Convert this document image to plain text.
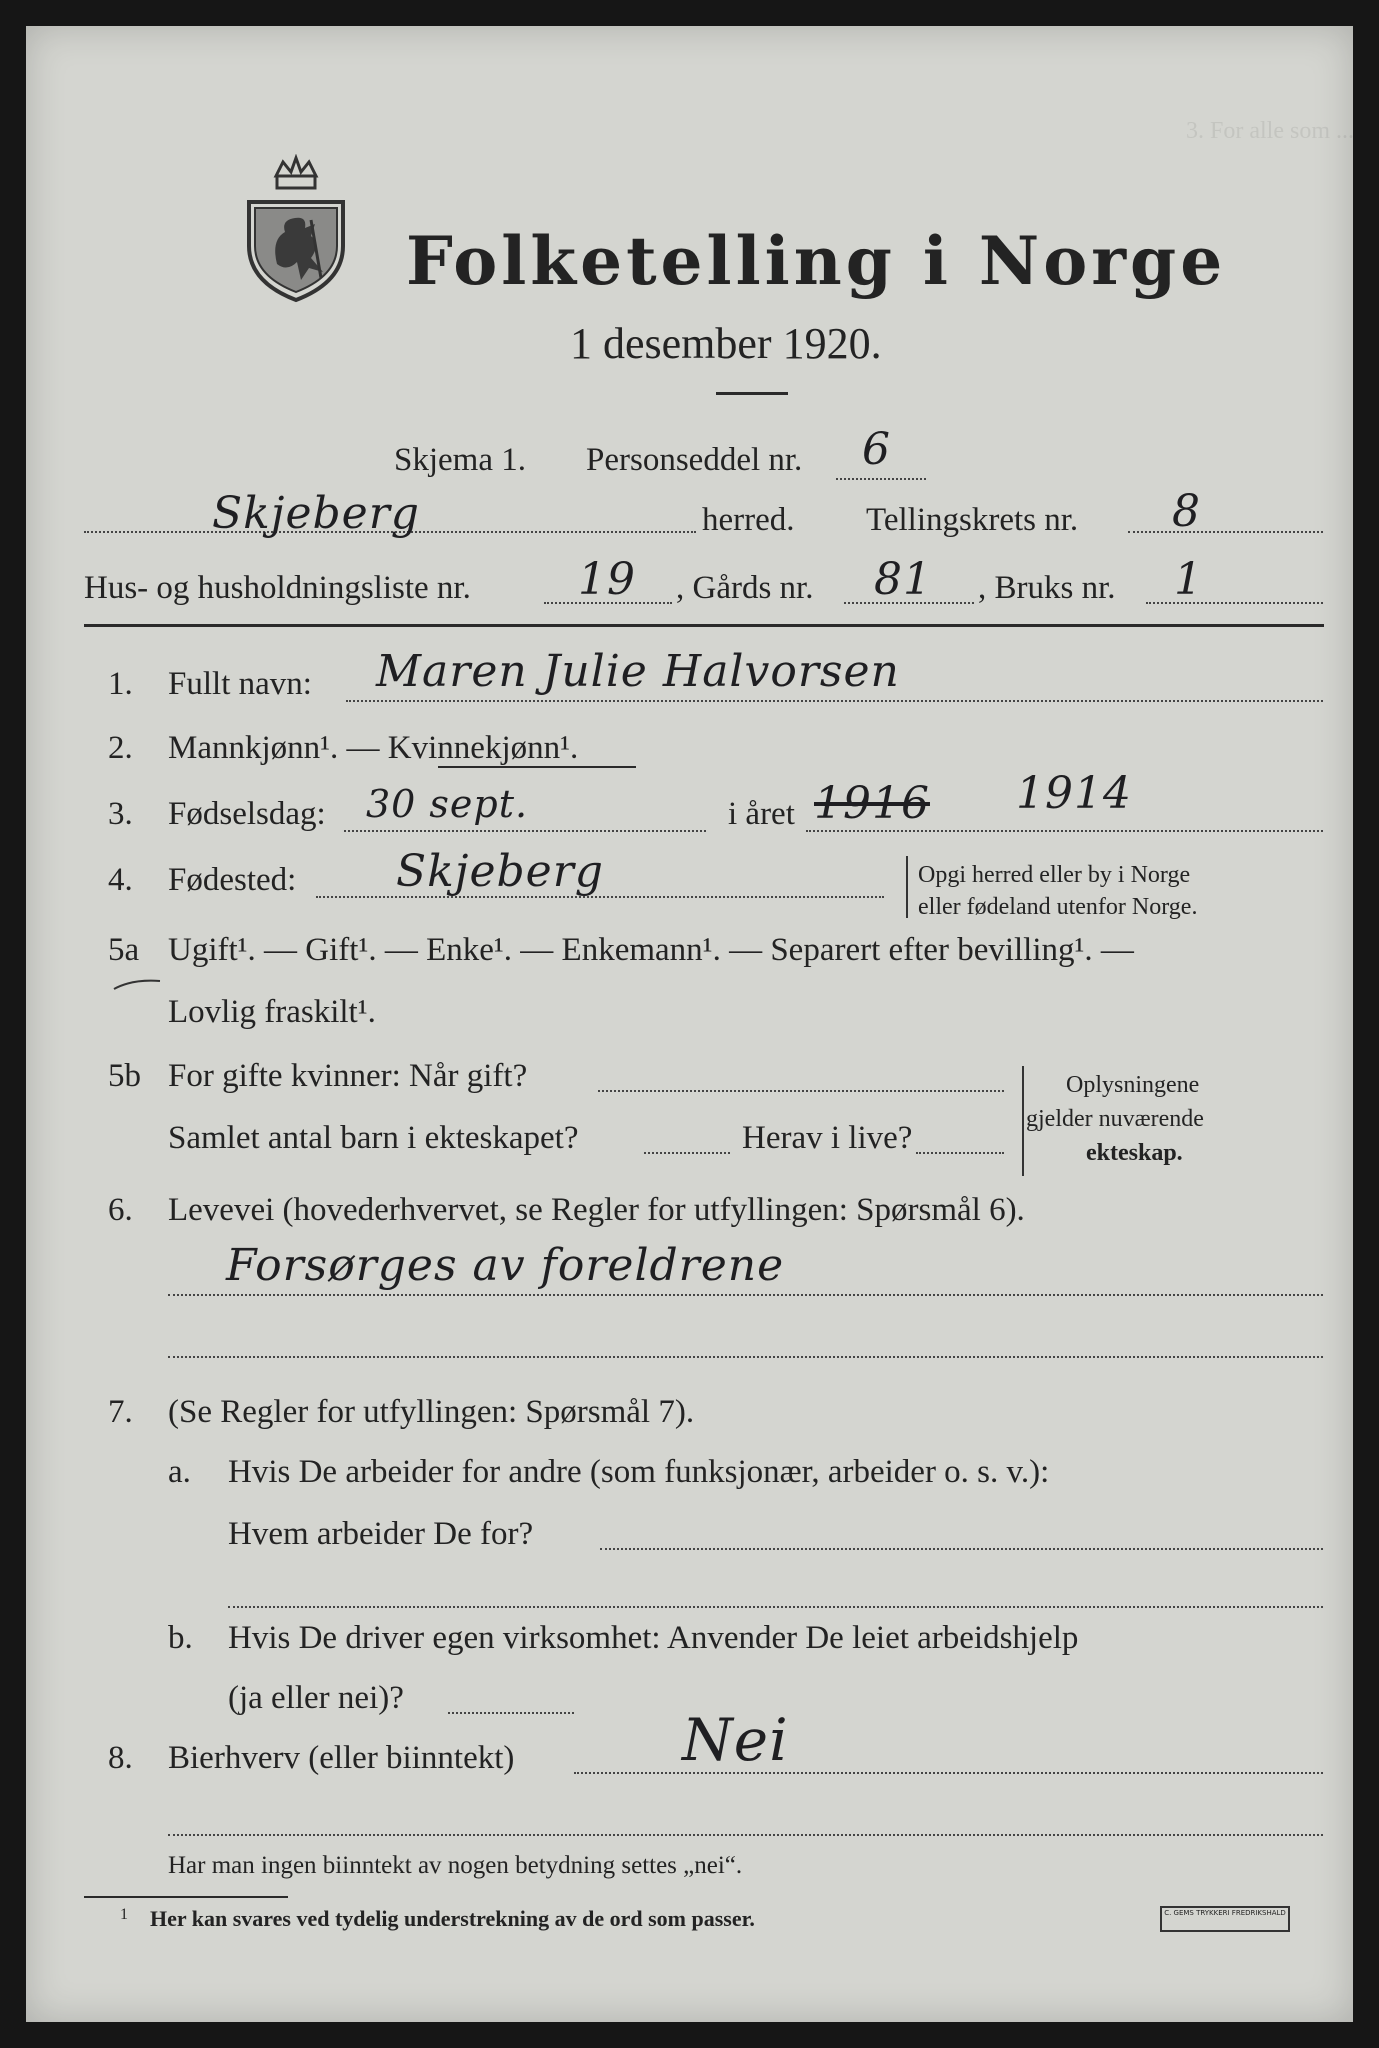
3. For alle som ...
Folketelling i Norge
1 desember 1920.
Skjema 1. Personseddel nr. 6
Skjeberg	herred. Tellingskrets nr. 8
Hus- og husholdningsliste nr. 19 , Gårds nr. 81 , Bruks nr. 1
1. Fullt navn: Maren Julie Halvorsen
2. Mannkjønn¹. — Kvinnekjønn¹.
3. Fødselsdag: 30 sept.	i året 1916 1914
4. Fødested: Skjeberg	Opgi herred eller by i Norge
eller fødeland utenfor Norge.
5a Ugift¹. — Gift¹. — Enke¹. — Enkemann¹. — Separert efter bevilling¹. —
Lovlig fraskilt¹.
5b For gifte kvinner: Når gift?
Samlet antal barn i ekteskapet?	Herav i live?
Oplysningene
gjelder nuværende
ekteskap.
6. Levevei (hovederhvervet, se Regler for utfyllingen: Spørsmål 6).
Forsørges av foreldrene
7. (Se Regler for utfyllingen: Spørsmål 7).
a. Hvis De arbeider for andre (som funksjonær, arbeider o. s. v.):
Hvem arbeider De for?
b. Hvis De driver egen virksomhet: Anvender De leiet arbeidshjelp
(ja eller nei)?
8. Bierhverv (eller biinntekt)	Nei
Har man ingen biinntekt av nogen betydning settes „nei“.
1 Her kan svares ved tydelig understrekning av de ord som passer.	C. GEMS TRYKKERI FREDRIKSHALD
